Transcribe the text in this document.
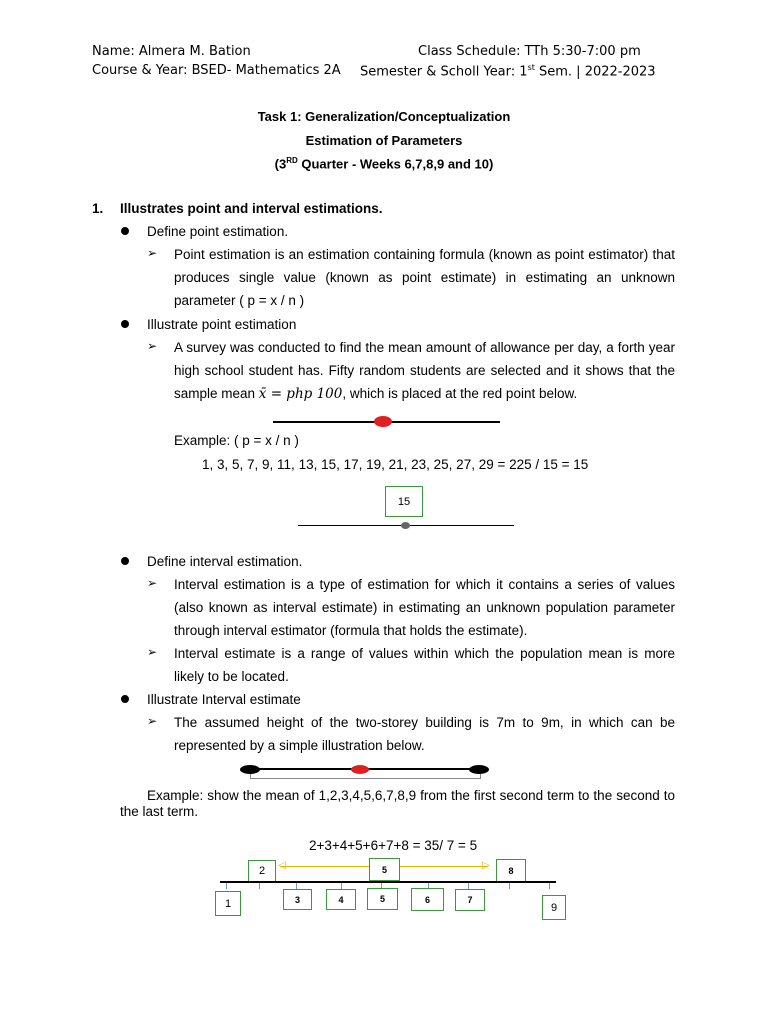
Name: Almera M. Bation	Class Schedule: TTh 5:30-7:00 pm
Course & Year: BSED- Mathematics 2A Semester & Scholl Year: 1st Sem. | 2022-2023
Task 1: Generalization/Conceptualization
Estimation of Parameters
(3RD Quarter - Weeks 6,7,8,9 and 10)
1. Illustrates point and interval estimations.
Define point estimation.
➢ Point estimation is an estimation containing formula (known as point estimator) that produces single value (known as point estimate) in estimating an unknown parameter ( p = x / n )
Illustrate point estimation
➢ A survey was conducted to find the mean amount of allowance per day, a forth year high school student has. Fifty random students are selected and it shows that the sample mean x̄ = php 100, which is placed at the red point below.
Example: ( p = x / n )
1, 3, 5, 7, 9, 11, 13, 15, 17, 19, 21, 23, 25, 27, 29 = 225 / 15 = 15
15
Define interval estimation.
➢ Interval estimation is a type of estimation for which it contains a series of values (also known as interval estimate) in estimating an unknown population parameter through interval estimator (formula that holds the estimate).
➢ Interval estimate is a range of values within which the population mean is more likely to be located.
Illustrate Interval estimate
➢ The assumed height of the two-storey building is 7m to 9m, in which can be represented by a simple illustration below.
Example: show the mean of 1,2,3,4,5,6,7,8,9 from the first second term to the second to the last term.
2+3+4+5+6+7+8 = 35/ 7 = 5
◁	▷
2	5	8
1	3	4	5	6	7
9
